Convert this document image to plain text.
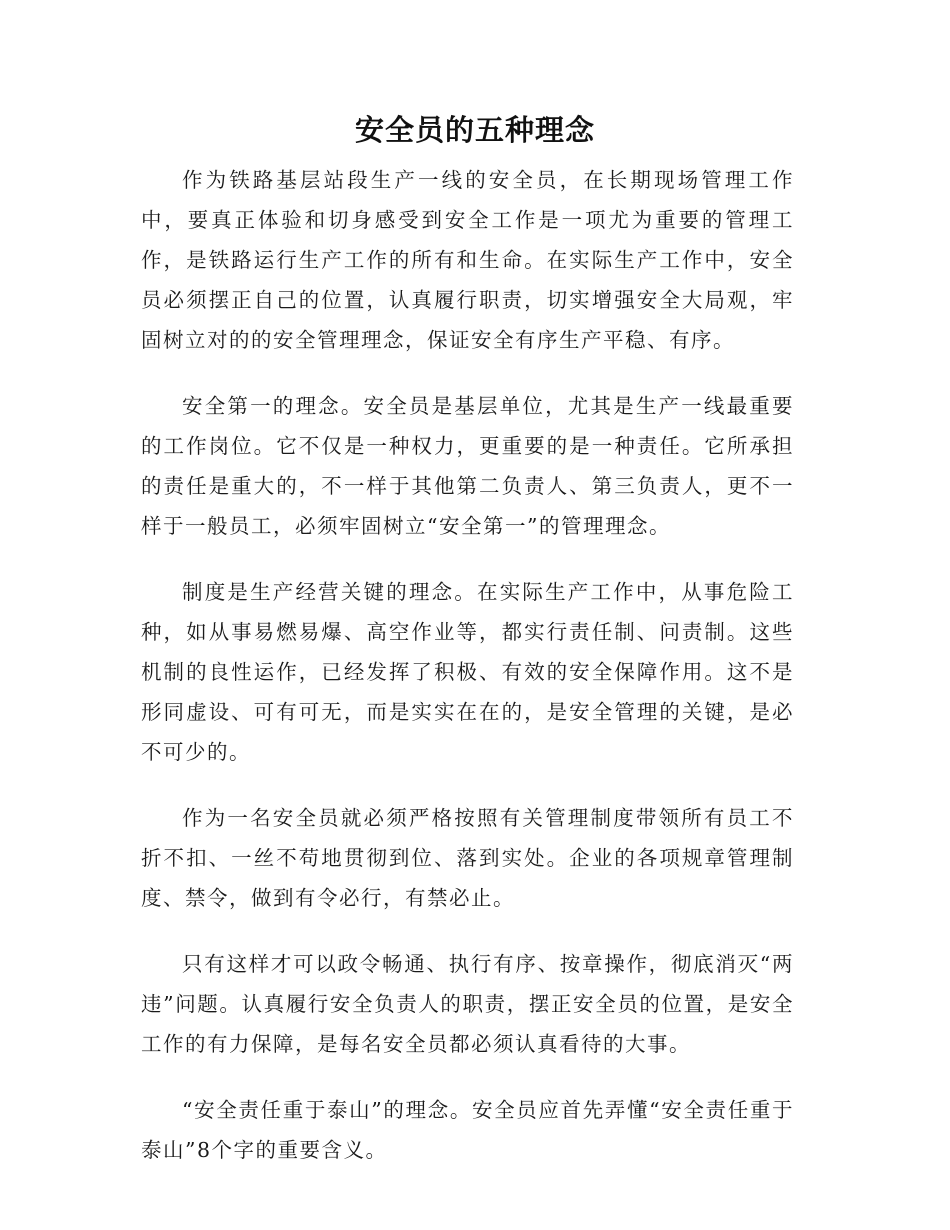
安全员的五种理念

作为铁路基层站段生产一线的安全员，在长期现场管理工作中，要真正体验和切身感受到安全工作是一项尤为重要的管理工作，是铁路运行生产工作的所有和生命。在实际生产工作中，安全员必须摆正自己的位置，认真履行职责，切实增强安全大局观，牢固树立对的的安全管理理念，保证安全有序生产平稳、有序。

安全第一的理念。安全员是基层单位，尤其是生产一线最重要的工作岗位。它不仅是一种权力，更重要的是一种责任。它所承担的责任是重大的，不一样于其他第二负责人、第三负责人，更不一样于一般员工，必须牢固树立“安全第一”的管理理念。

制度是生产经营关键的理念。在实际生产工作中，从事危险工种，如从事易燃易爆、高空作业等，都实行责任制、问责制。这些机制的良性运作，已经发挥了积极、有效的安全保障作用。这不是形同虚设、可有可无，而是实实在在的，是安全管理的关键，是必不可少的。

作为一名安全员就必须严格按照有关管理制度带领所有员工不折不扣、一丝不苟地贯彻到位、落到实处。企业的各项规章管理制度、禁令，做到有令必行，有禁必止。

只有这样才可以政令畅通、执行有序、按章操作，彻底消灭“两违”问题。认真履行安全负责人的职责，摆正安全员的位置，是安全工作的有力保障，是每名安全员都必须认真看待的大事。

“安全责任重于泰山”的理念。安全员应首先弄懂“安全责任重于泰山”8个字的重要含义。
